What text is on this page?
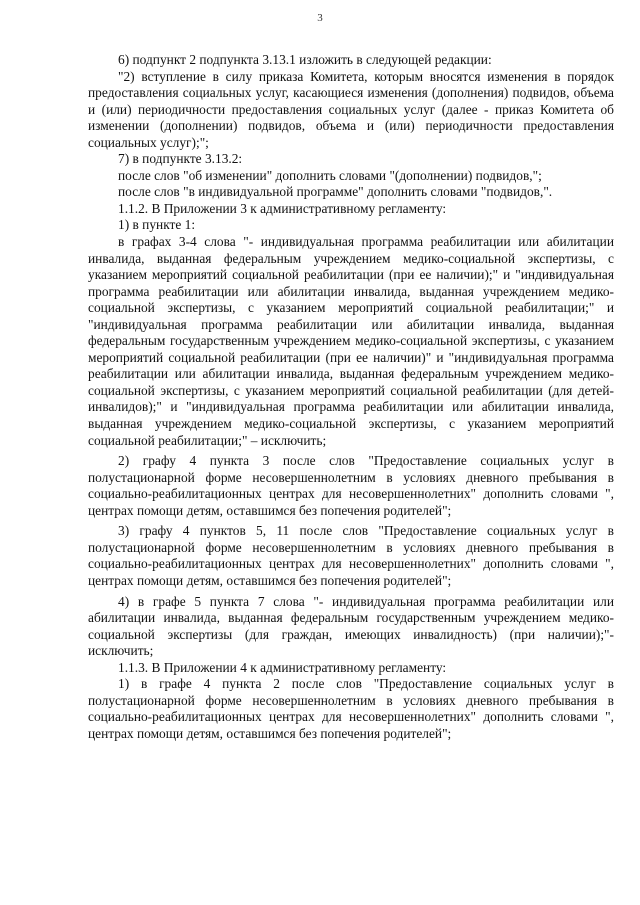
3

6) подпункт 2 подпункта 3.13.1 изложить в следующей редакции:

"2) вступление в силу приказа Комитета, которым вносятся изменения в порядок предоставления социальных услуг, касающиеся изменения (дополнения) подвидов, объема и (или) периодичности предоставления социальных услуг (далее - приказ Комитета об изменении (дополнении) подвидов, объема и (или) периодичности предоставления социальных услуг);";

7) в подпункте 3.13.2:

после слов "об изменении" дополнить словами "(дополнении) подвидов,";

после слов "в индивидуальной программе" дополнить словами "подвидов,".

1.1.2. В Приложении 3 к административному регламенту:

1) в пункте 1:

в графах 3-4 слова "- индивидуальная программа реабилитации или абилитации инвалида, выданная федеральным учреждением медико-социальной экспертизы, с указанием мероприятий социальной реабилитации (при ее наличии);" и "индивидуальная программа реабилитации или абилитации инвалида, выданная учреждением медико-социальной экспертизы, с указанием мероприятий социальной реабилитации;" и "индивидуальная программа реабилитации или абилитации инвалида, выданная федеральным государственным учреждением медико-социальной экспертизы, с указанием мероприятий социальной реабилитации (при ее наличии)" и "индивидуальная программа реабилитации или абилитации инвалида, выданная федеральным учреждением медико-социальной экспертизы, с указанием мероприятий социальной реабилитации (для детей-инвалидов);" и "индивидуальная программа реабилитации или абилитации инвалида, выданная учреждением медико-социальной экспертизы, с указанием мероприятий социальной реабилитации;" – исключить;

2) графу 4 пункта 3 после слов "Предоставление социальных услуг в полустационарной форме несовершеннолетним в условиях дневного пребывания в социально-реабилитационных центрах для несовершеннолетних" дополнить словами ", центрах помощи детям, оставшимся без попечения родителей";

3) графу 4 пунктов 5, 11 после слов "Предоставление социальных услуг в полустационарной форме несовершеннолетним в условиях дневного пребывания в социально-реабилитационных центрах для несовершеннолетних" дополнить словами ", центрах помощи детям, оставшимся без попечения родителей";

4) в графе 5 пункта 7 слова "- индивидуальная программа реабилитации или абилитации инвалида, выданная федеральным государственным учреждением медико-социальной экспертизы (для граждан, имеющих инвалидность) (при наличии);"- исключить;

1.1.3. В Приложении 4 к административному регламенту:

1) в графе 4 пункта 2 после слов "Предоставление социальных услуг в полустационарной форме несовершеннолетним в условиях дневного пребывания в социально-реабилитационных центрах для несовершеннолетних" дополнить словами ", центрах помощи детям, оставшимся без попечения родителей";
